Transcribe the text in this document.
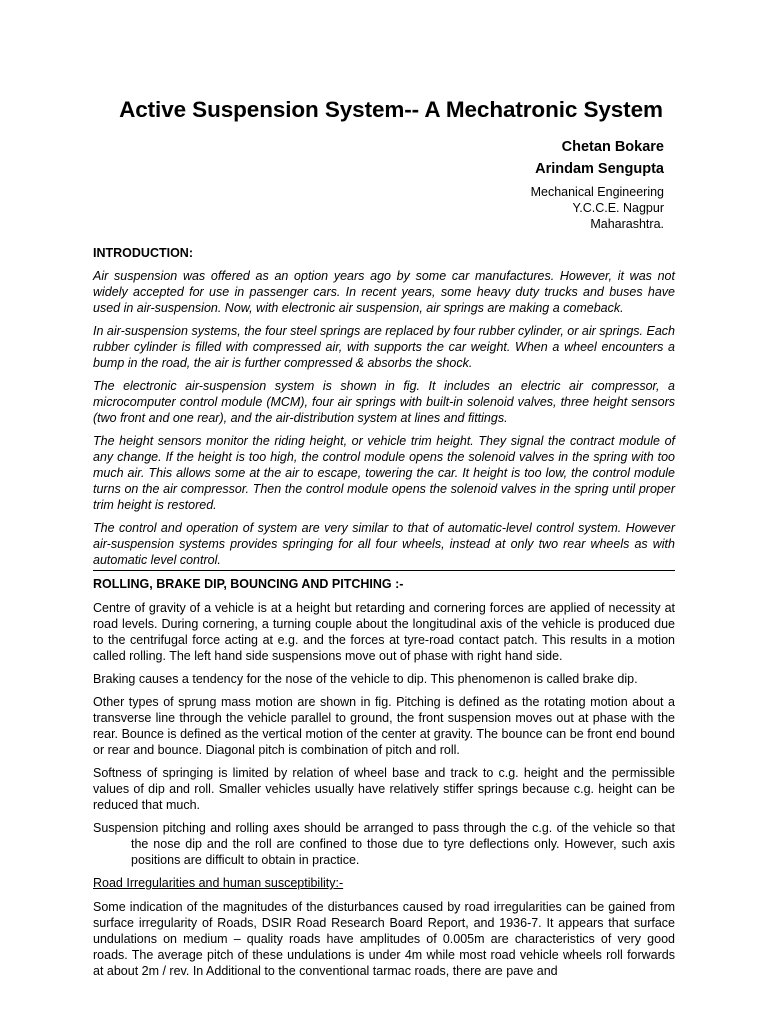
Active Suspension System-- A Mechatronic System
Chetan Bokare
Arindam Sengupta
Mechanical Engineering
Y.C.C.E. Nagpur
Maharashtra.
INTRODUCTION:

Air suspension was offered as an option years ago by some car manufactures. However, it was not widely accepted for use in passenger cars. In recent years, some heavy duty trucks and buses have used in air-suspension. Now, with electronic air suspension, air springs are making a comeback.

In air-suspension systems, the four steel springs are replaced by four rubber cylinder, or air springs. Each rubber cylinder is filled with compressed air, with supports the car weight. When a wheel encounters a bump in the road, the air is further compressed & absorbs the shock.

The electronic air-suspension system is shown in fig. It includes an electric air compressor, a microcomputer control module (MCM), four air springs with built-in solenoid valves, three height sensors (two front and one rear), and the air-distribution system at lines and fittings.

The height sensors monitor the riding height, or vehicle trim height. They signal the contract module of any change. If the height is too high, the control module opens the solenoid valves in the spring with too much air. This allows some at the air to escape, towering the car. It height is too low, the control module turns on the air compressor. Then the control module opens the solenoid valves in the spring until proper trim height is restored.

The control and operation of system are very similar to that of automatic-level control system. However air-suspension systems provides springing for all four wheels, instead at only two rear wheels as with automatic level control.

ROLLING, BRAKE DIP, BOUNCING AND PITCHING :-

Centre of gravity of a vehicle is at a height but retarding and cornering forces are applied of necessity at road levels. During cornering, a turning couple about the longitudinal axis of the vehicle is produced due to the centrifugal force acting at e.g. and the forces at tyre-road contact patch. This results in a motion called rolling. The left hand side suspensions move out of phase with right hand side.

Braking causes a tendency for the nose of the vehicle to dip. This phenomenon is called brake dip.

Other types of sprung mass motion are shown in fig. Pitching is defined as the rotating motion about a transverse line through the vehicle parallel to ground, the front suspension moves out at phase with the rear. Bounce is defined as the vertical motion of the center at gravity. The bounce can be front end bound or rear and bounce. Diagonal pitch is combination of pitch and roll.

Softness of springing is limited by relation of wheel base and track to c.g. height and the permissible values of dip and roll. Smaller vehicles usually have relatively stiffer springs because c.g. height can be reduced that much.

Suspension pitching and rolling axes should be arranged to pass through the c.g. of the vehicle so that the nose dip and the roll are confined to those due to tyre deflections only. However, such axis positions are difficult to obtain in practice.

Road Irregularities and human susceptibility:-

Some indication of the magnitudes of the disturbances caused by road irregularities can be gained from surface irregularity of Roads, DSIR Road Research Board Report, and 1936-7. It appears that surface undulations on medium – quality roads have amplitudes of 0.005m are characteristics of very good roads. The average pitch of these undulations is under 4m while most road vehicle wheels roll forwards at about 2m / rev. In Additional to the conventional tarmac roads, there are pave and
